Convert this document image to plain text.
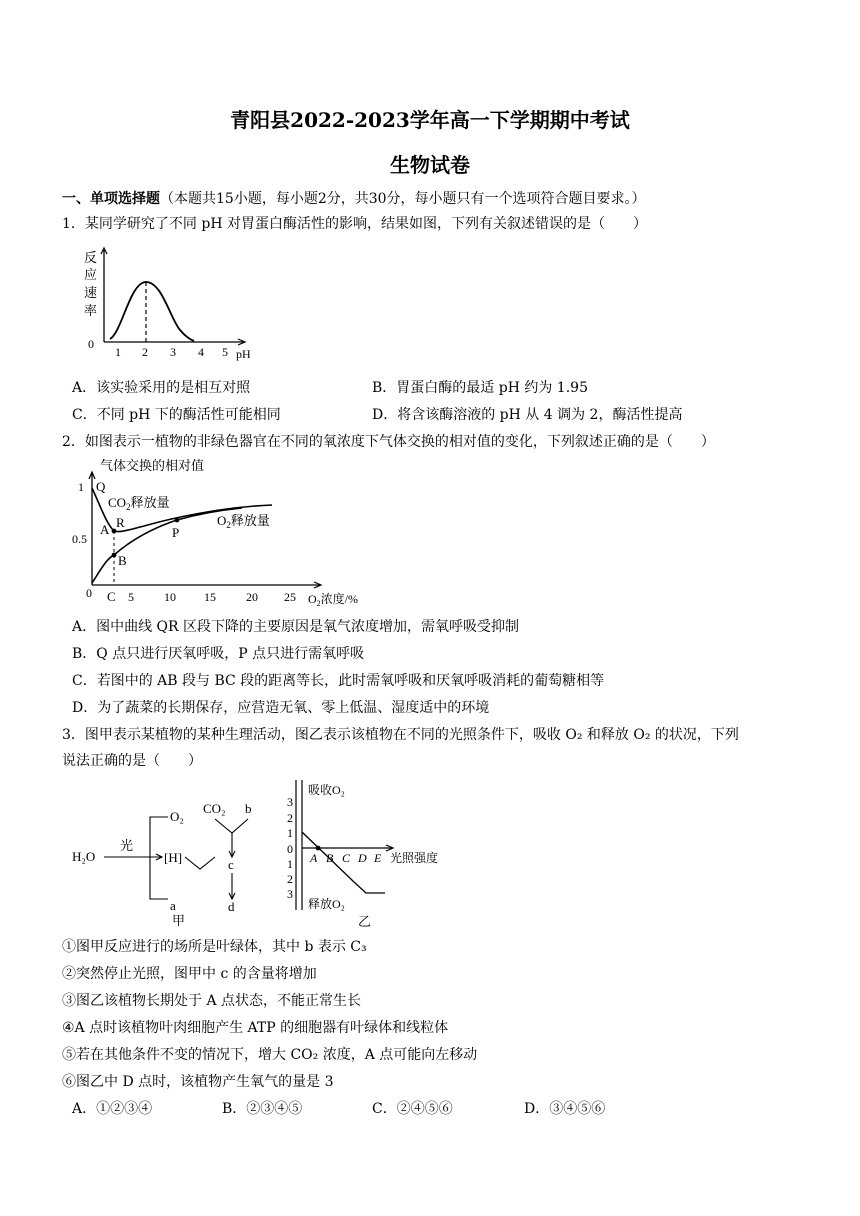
青阳县2022-2023学年高一下学期期中考试
生物试卷
一、单项选择题（本题共15小题，每小题2分，共30分，每小题只有一个选项符合题目要求。）
1．某同学研究了不同 pH 对胃蛋白酶活性的影响，结果如图，下列有关叙述错误的是（　　）
反
应
速
率
0
1 2 3 4 5 pH
A．该实验采用的是相互对照	B．胃蛋白酶的最适 pH 约为 1.95
C．不同 pH 下的酶活性可能相同	D．将含该酶溶液的 pH 从 4 调为 2，酶活性提高
2．如图表示一植物的非绿色器官在不同的氧浓度下气体交换的相对值的变化，下列叙述正确的是（　　）
气体交换的相对值
Q
A R
B
P
C
$CO_2$释放量
$O_2$释放量
1
0.5
0	5	10 15	20 25 $O_2$浓度/%
A．图中曲线 QR 区段下降的主要原因是氧气浓度增加，需氧呼吸受抑制
B．Q 点只进行厌氧呼吸，P 点只进行需氧呼吸
C．若图中的 AB 段与 BC 段的距离等长，此时需氧呼吸和厌氧呼吸消耗的葡萄糖相等
D．为了蔬菜的长期保存，应营造无氧、零上低温、湿度适中的环境
3．图甲表示某植物的某种生理活动，图乙表示该植物在不同的光照条件下，吸收 O₂ 和释放 O₂ 的状况，下列
说法正确的是（　　）
H₂O
光
O₂
[H]
a
CO₂ b
c
d
甲
吸收O₂
释放O₂
光照强度
3
2
1
0
1
2
3
A B C D E
乙
①图甲反应进行的场所是叶绿体，其中 b 表示 C₃
②突然停止光照，图甲中 c 的含量将增加
③图乙该植物长期处于 A 点状态，不能正常生长
④A 点时该植物叶肉细胞产生 ATP 的细胞器有叶绿体和线粒体
⑤若在其他条件不变的情况下，增大 CO₂ 浓度，A 点可能向左移动
⑥图乙中 D 点时，该植物产生氧气的量是 3
A．①②③④	B．②③④⑤	C．②④⑤⑥	D．③④⑤⑥
